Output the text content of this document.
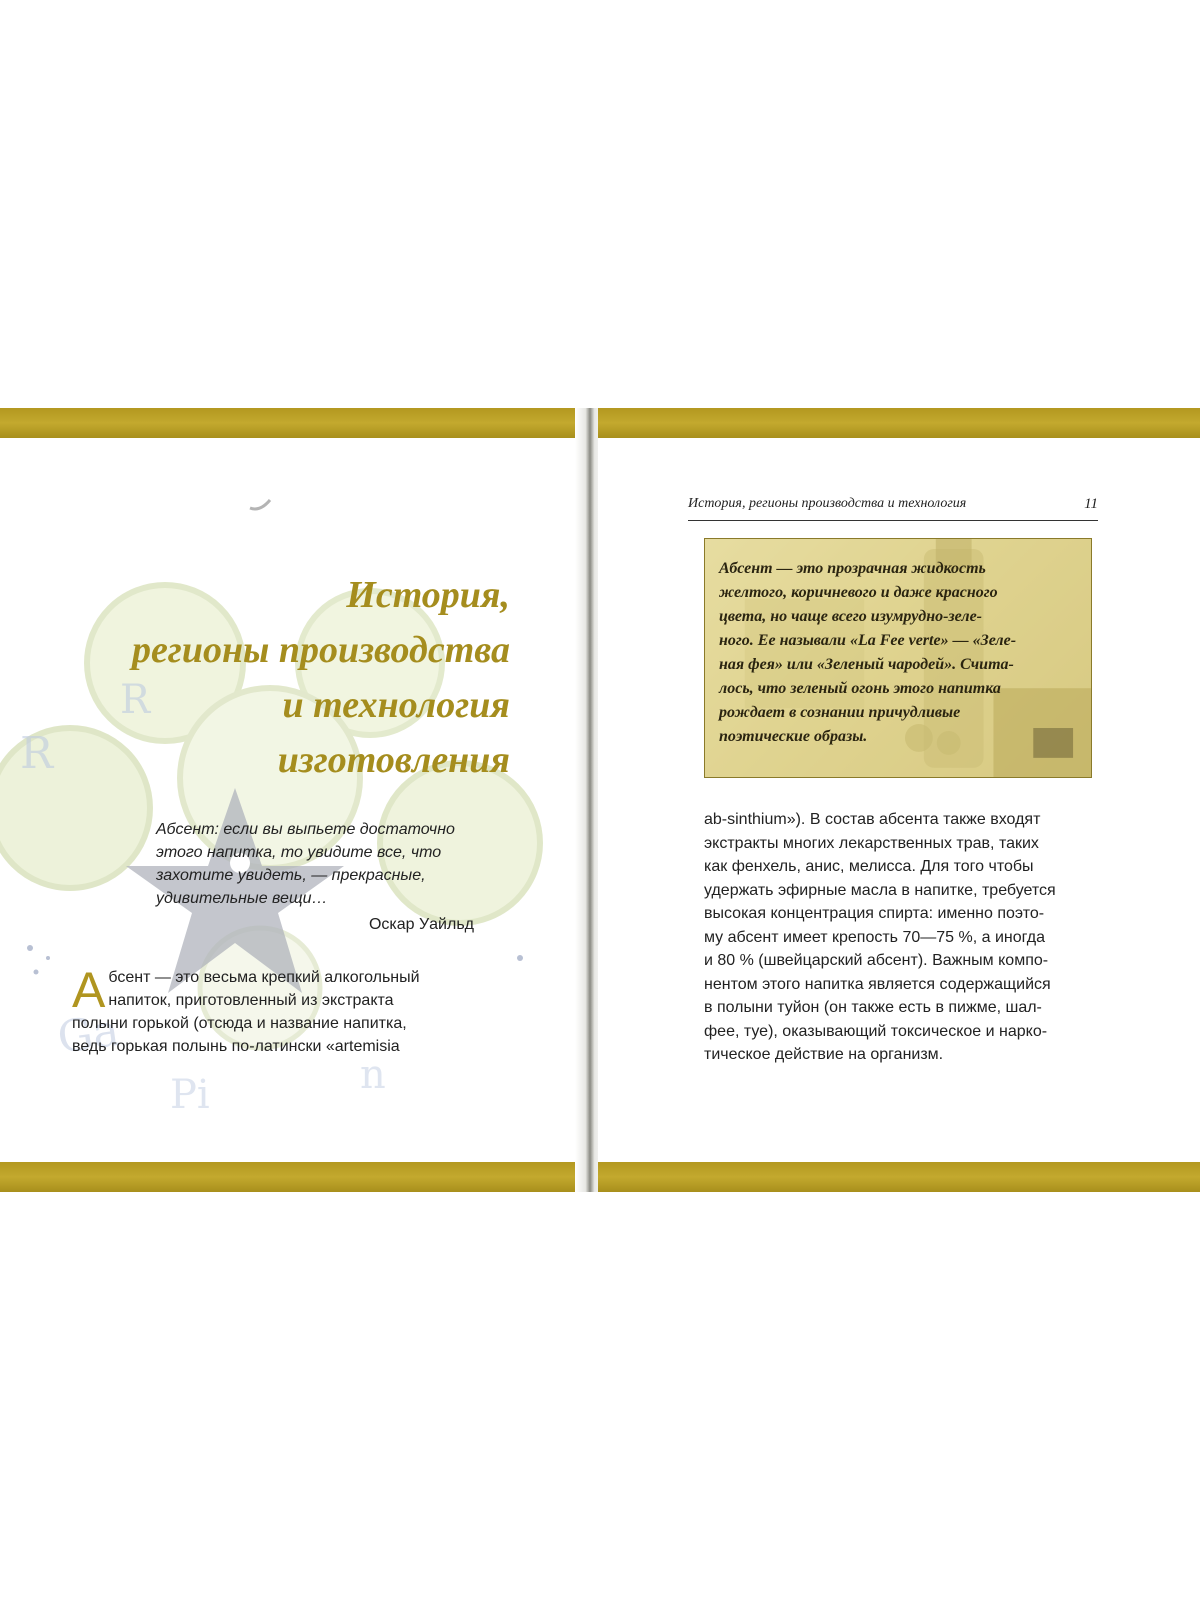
R
R
Ga
Pi	n
История,
регионы производства
и технология
изготовления
Абсент: если вы выпьете достаточно
этого напитка, то увидите все, что
захотите увидеть, — прекрасные,
удивительные вещи…
Оскар Уайльд
А бсент — это весьма крепкий алкогольный
напиток, приготовленный из экстракта
полыни горькой (отсюда и название напитка,
ведь горькая полынь по-латински «artemisia
История, регионы производства и технология	11

Абсент — это прозрачная жидкость
желтого, коричневого и даже красного
цвета, но чаще всего изумрудно-зеле-
ного. Ее называли «La Fee verte» — «Зеле-
ная фея» или «Зеленый чародей». Счита-
лось, что зеленый огонь этого напитка
рождает в сознании причудливые
поэтические образы.

ab-sinthium»). В состав абсента также входят
экстракты многих лекарственных трав, таких
как фенхель, анис, мелисса. Для того чтобы
удержать эфирные масла в напитке, требуется
высокая концентрация спирта: именно поэто-
му абсент имеет крепость 70—75 %, а иногда
и 80 % (швейцарский абсент). Важным компо-
нентом этого напитка является содержащийся
в полыни туйон (он также есть в пижме, шал-
фее, туе), оказывающий токсическое и нарко-
тическое действие на организм.
